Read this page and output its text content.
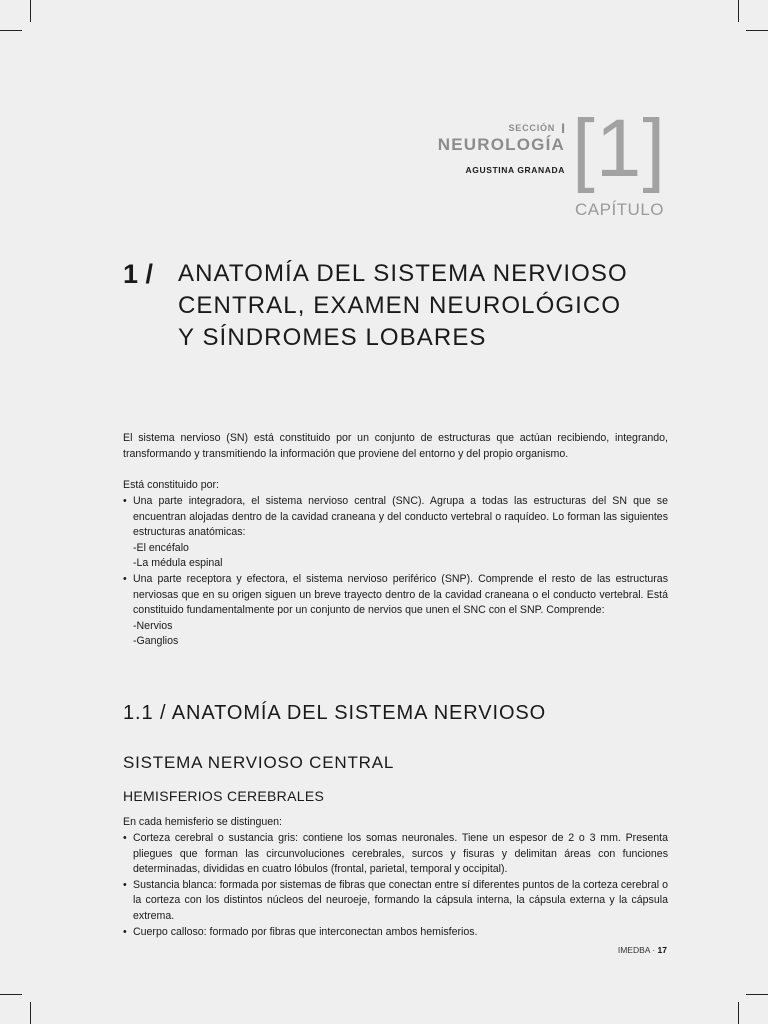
SECCIÓN I
NEUROLOGÍA
AGUSTINA GRANADA [1]
CAPÍTULO
1 /	ANATOMÍA DEL SISTEMA NERVIOSO
CENTRAL, EXAMEN NEUROLÓGICO
Y SÍNDROMES LOBARES
El sistema nervioso (SN) está constituido por un conjunto de estructuras que actúan recibiendo, integrando, transformando y transmitiendo la información que proviene del entorno y del propio organismo.
Está constituido por:
• Una parte integradora, el sistema nervioso central (SNC). Agrupa a todas las estructuras del SN que se encuentran alojadas dentro de la cavidad craneana y del conducto vertebral o raquídeo. Lo forman las siguientes estructuras anatómicas:
-El encéfalo
-La médula espinal
• Una parte receptora y efectora, el sistema nervioso periférico (SNP). Comprende el resto de las estructuras nerviosas que en su origen siguen un breve trayecto dentro de la cavidad craneana o el conducto vertebral. Está constituido fundamentalmente por un conjunto de nervios que unen el SNC con el SNP. Comprende:
-Nervios
-Ganglios
1.1 / ANATOMÍA DEL SISTEMA NERVIOSO
SISTEMA NERVIOSO CENTRAL
HEMISFERIOS CEREBRALES
En cada hemisferio se distinguen:
• Corteza cerebral o sustancia gris: contiene los somas neuronales. Tiene un espesor de 2 o 3 mm. Presenta pliegues que forman las circunvoluciones cerebrales, surcos y fisuras y delimitan áreas con funciones determinadas, divididas en cuatro lóbulos (frontal, parietal, temporal y occipital).
• Sustancia blanca: formada por sistemas de fibras que conectan entre sí diferentes puntos de la corteza cerebral o la corteza con los distintos núcleos del neuroeje, formando la cápsula interna, la cápsula externa y la cápsula extrema.
• Cuerpo calloso: formado por fibras que interconectan ambos hemisferios.
IMEDBA · 17
